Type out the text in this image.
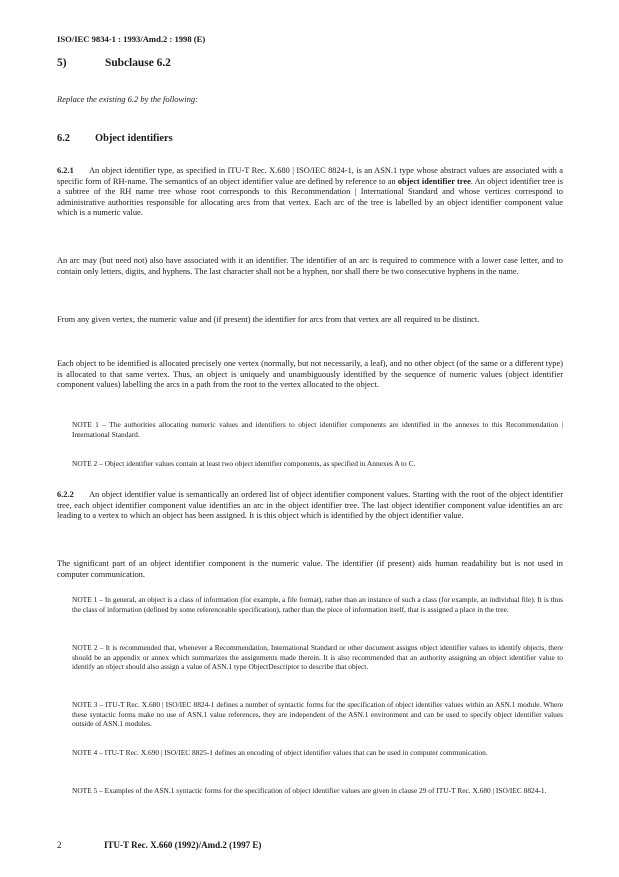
ISO/IEC 9834-1 : 1993/Amd.2 : 1998 (E)
5)	Subclause 6.2
Replace the existing 6.2 by the following:
6.2 Object identifiers

6.2.1 An object identifier type, as specified in ITU-T Rec. X.680 | ISO/IEC 8824-1, is an ASN.1 type whose abstract values are associated with a specific form of RH-name. The semantics of an object identifier value are defined by reference to an object identifier tree. An object identifier tree is a subtree of the RH name tree whose root corresponds to this Recommendation | International Standard and whose vertices correspond to administrative authorities responsible for allocating arcs from that vertex. Each arc of the tree is labelled by an object identifier component value which is a numeric value.

An arc may (but need not) also have associated with it an identifier. The identifier of an arc is required to commence with a lower case letter, and to contain only letters, digits, and hyphens. The last character shall not be a hyphen, nor shall there be two consecutive hyphens in the name.

From any given vertex, the numeric value and (if present) the identifier for arcs from that vertex are all required to be distinct.

Each object to be identified is allocated precisely one vertex (normally, but not necessarily, a leaf), and no other object (of the same or a different type) is allocated to that same vertex. Thus, an object is uniquely and unambiguously identified by the sequence of numeric values (object identifier component values) labelling the arcs in a path from the root to the vertex allocated to the object.

NOTE 1 – The authorities allocating numeric values and identifiers to object identifier components are identified in the annexes to this Recommendation | International Standard.

NOTE 2 – Object identifier values contain at least two object identifier components, as specified in Annexes A to C.

6.2.2 An object identifier value is semantically an ordered list of object identifier component values. Starting with the root of the object identifier tree, each object identifier component value identifies an arc in the object identifier tree. The last object identifier component value identifies an arc leading to a vertex to which an object has been assigned. It is this object which is identified by the object identifier value.

The significant part of an object identifier component is the numeric value. The identifier (if present) aids human readability but is not used in computer communication.

NOTE 1 – In general, an object is a class of information (for example, a file format), rather than an instance of such a class (for example, an individual file). It is thus the class of information (defined by some referenceable specification), rather than the piece of information itself, that is assigned a place in the tree.

NOTE 2 – It is recommended that, whenever a Recommendation, International Standard or other document assigns object identifier values to identify objects, there should be an appendix or annex which summarizes the assignments made therein. It is also recommended that an authority assigning an object identifier value to identify an object should also assign a value of ASN.1 type ObjectDescriptor to describe that object.

NOTE 3 – ITU-T Rec. X.680 | ISO/IEC 8824-1 defines a number of syntactic forms for the specification of object identifier values within an ASN.1 module. Where these syntactic forms make no use of ASN.1 value references, they are independent of the ASN.1 environment and can be used to specify object identifier values outside of ASN.1 modules.

NOTE 4 – ITU-T Rec. X.690 | ISO/IEC 8825-1 defines an encoding of object identifier values that can be used in computer communication.

NOTE 5 – Examples of the ASN.1 syntactic forms for the specification of object identifier values are given in clause 29 of ITU-T Rec. X.680 | ISO/IEC 8824-1.

2	ITU-T Rec. X.660 (1992)/Amd.2 (1997 E)
